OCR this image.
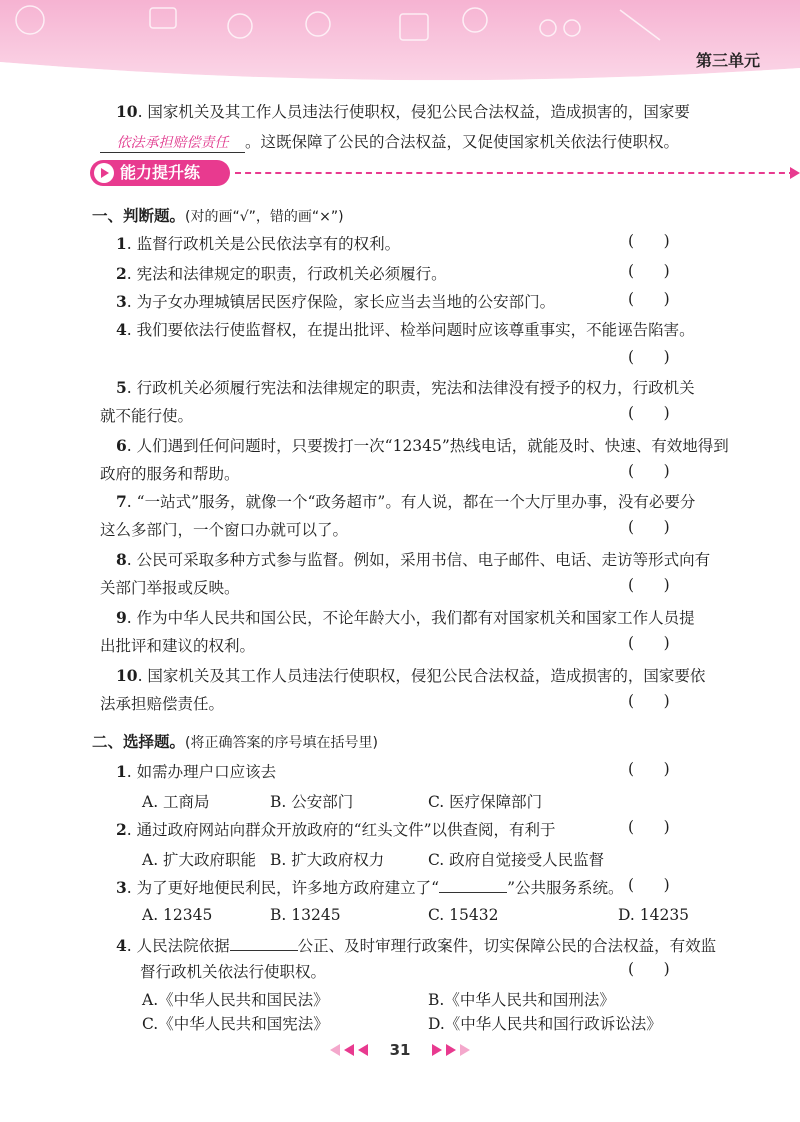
第三单元
10. 国家机关及其工作人员违法行使职权，侵犯公民合法权益，造成损害的，国家要
依法承担赔偿责任 。这既保障了公民的合法权益，又促使国家机关依法行使职权。
能力提升练
一、判断题。(对的画“√”，错的画“×”)
1. 监督行政机关是公民依法享有的权利。	(      )
2. 宪法和法律规定的职责，行政机关必须履行。	(      )
3. 为子女办理城镇居民医疗保险，家长应当去当地的公安部门。	(      )
4. 我们要依法行使监督权，在提出批评、检举问题时应该尊重事实，不能诬告陷害。
(      )
5. 行政机关必须履行宪法和法律规定的职责，宪法和法律没有授予的权力，行政机关
就不能行使。	(      )
6. 人们遇到任何问题时，只要拨打一次“12345”热线电话，就能及时、快速、有效地得到
政府的服务和帮助。	(      )
7. “一站式”服务，就像一个“政务超市”。有人说，都在一个大厅里办事，没有必要分
这么多部门，一个窗口办就可以了。	(      )
8. 公民可采取多种方式参与监督。例如，采用书信、电子邮件、电话、走访等形式向有
关部门举报或反映。	(      )
9. 作为中华人民共和国公民，不论年龄大小，我们都有对国家机关和国家工作人员提
出批评和建议的权利。	(      )
10. 国家机关及其工作人员违法行使职权，侵犯公民合法权益，造成损害的，国家要依
法承担赔偿责任。	(      )
二、选择题。(将正确答案的序号填在括号里)
1. 如需办理户口应该去	(      )
A. 工商局	B. 公安部门	C. 医疗保障部门
2. 通过政府网站向群众开放政府的“红头文件”以供查阅，有利于	(      )
A. 扩大政府职能 B. 扩大政府权力	C. 政府自觉接受人民监督
3. 为了更好地便民利民，许多地方政府建立了“	”公共服务系统。 (      )
A. 12345	B. 13245	C. 15432	D. 14235
4. 人民法院依据	公正、及时审理行政案件，切实保障公民的合法权益，有效监
督行政机关依法行使职权。	(      )
A.《中华人民共和国民法》	B.《中华人民共和国刑法》
C.《中华人民共和国宪法》	D.《中华人民共和国行政诉讼法》
31
